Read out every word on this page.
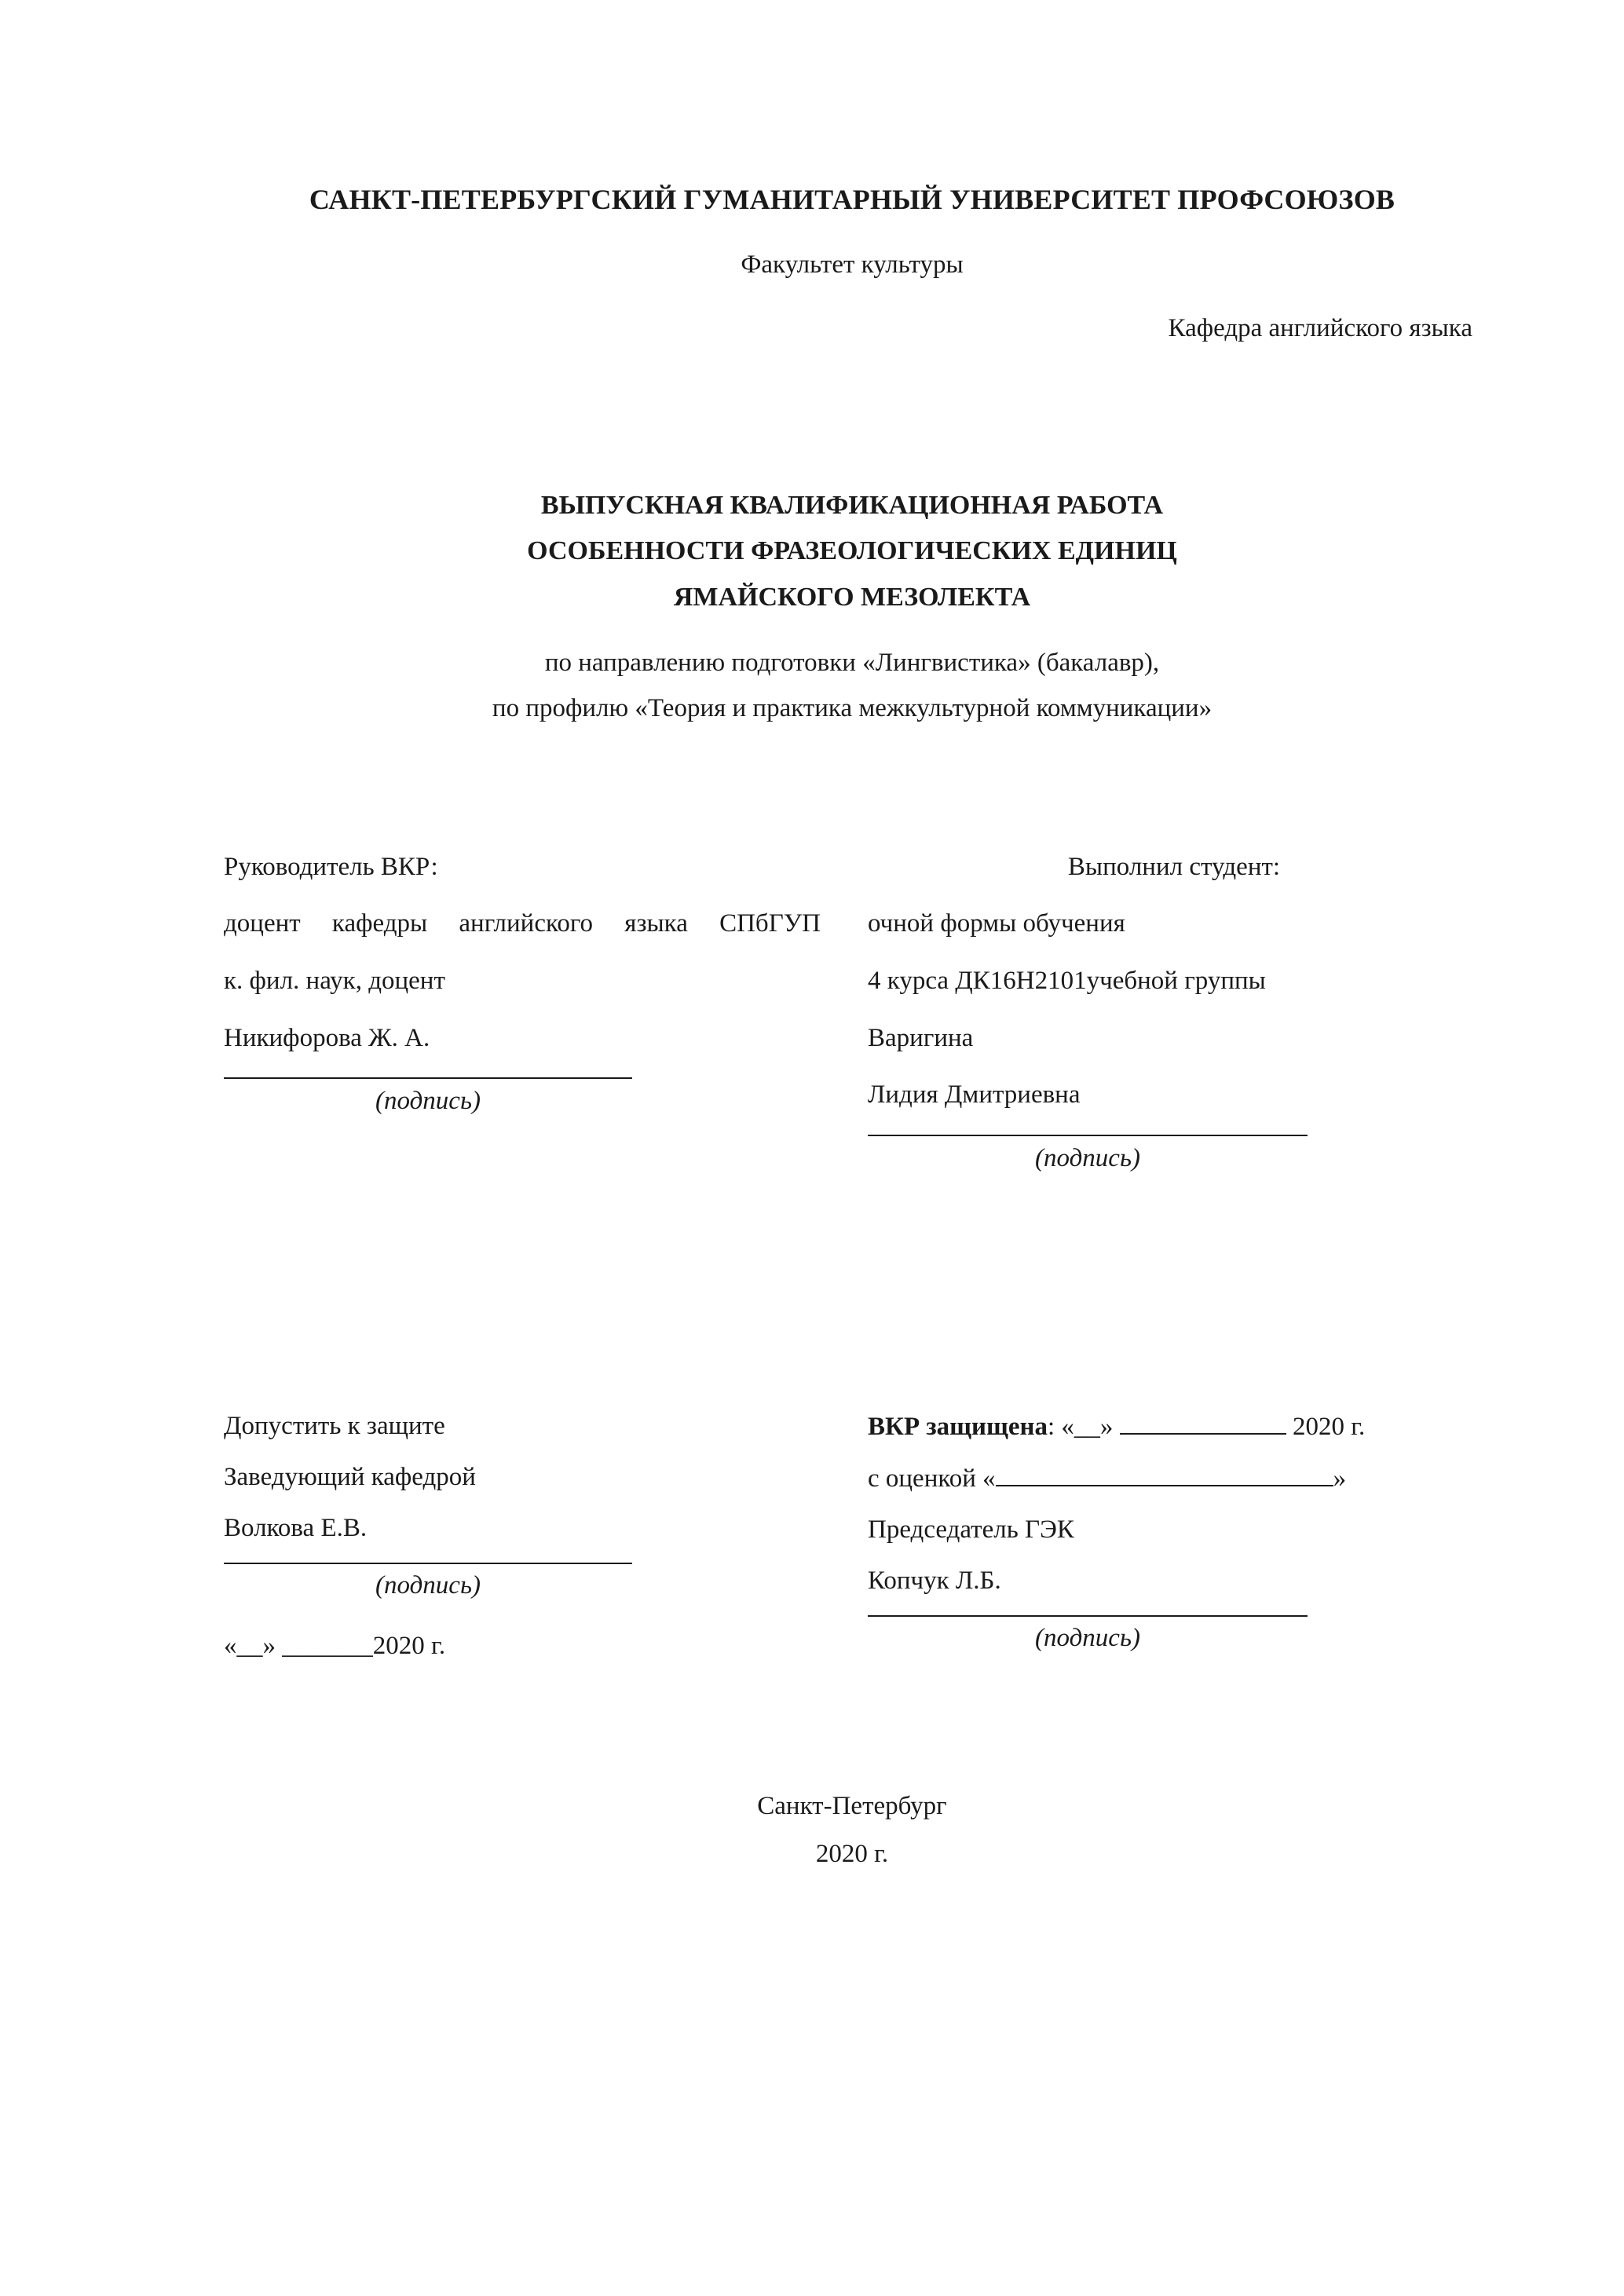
САНКТ-ПЕТЕРБУРГСКИЙ ГУМАНИТАРНЫЙ УНИВЕРСИТЕТ ПРОФСОЮЗОВ
Факультет культуры
Кафедра английского языка
ВЫПУСКНАЯ КВАЛИФИКАЦИОННАЯ РАБОТА
ОСОБЕННОСТИ ФРАЗЕОЛОГИЧЕСКИХ ЕДИНИЦ
ЯМАЙСКОГО МЕЗОЛЕКТА
по направлению подготовки «Лингвистика» (бакалавр),
по профилю «Теория и практика межкультурной коммуникации»

Руководитель ВКР:

доцент кафедры английского языка СПбГУП

к. фил. наук, доцент

Никифорова Ж. А.

(подпись)

Выполнил студент:

очной формы обучения

4 курса ДК16Н2101учебной группы

Варигина

Лидия Дмитриевна

(подпись)

Допустить к защите

Заведующий кафедрой

Волкова Е.В.

(подпись)

«__» _______2020 г.

ВКР защищена: «__»	2020 г.

с оценкой «	»

Председатель ГЭК

Копчук Л.Б.

(подпись)

Санкт-Петербург
2020 г.
